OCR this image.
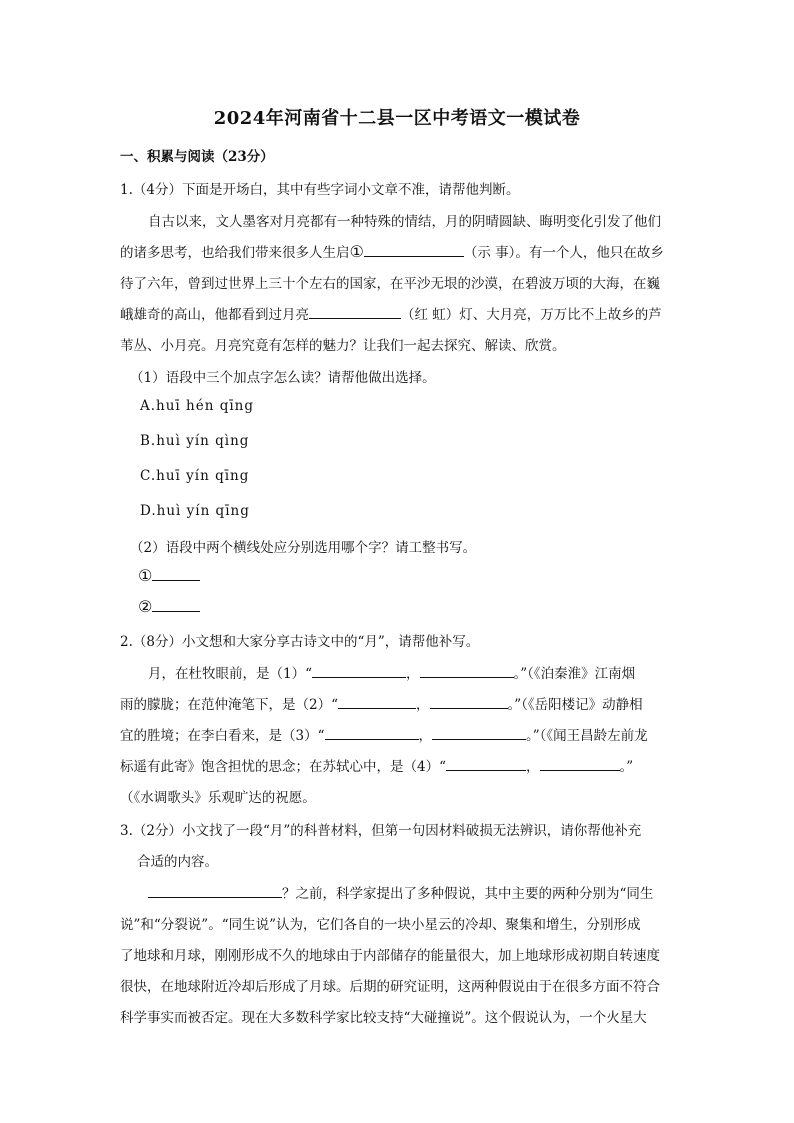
2024年河南省十二县一区中考语文一模试卷
一、积累与阅读（23分）
1.（4分）下面是开场白，其中有些字词小文章不准，请帮他判断。
自古以来，文人墨客对月亮都有一种特殊的情结，月的阴晴圆缺、晦明变化引发了他们
的诸多思考，也给我们带来很多人生启①	（示 事）。有一个人，他只在故乡
待了六年，曾到过世界上三十个左右的国家，在平沙无垠的沙漠，在碧波万顷的大海，在巍
峨雄奇的高山，他都看到过月亮	（红 虹）灯、大月亮，万万比不上故乡的芦
苇丛、小月亮。月亮究竟有怎样的魅力？让我们一起去探究、解读、欣赏。
（1）语段中三个加点字怎么读？请帮他做出选择。
A.huī hén qīng
B.huì yín qìng
C.huī yín qīng
D.huì yín qīng
（2）语段中两个横线处应分别选用哪个字？请工整书写。
①
②
2.（8分）小文想和大家分享古诗文中的“月”，请帮他补写。
月，在杜牧眼前，是（1）“	，	。”（《泊秦淮》江南烟
雨的朦胧；在范仲淹笔下，是（2）“	，	。”（《岳阳楼记》动静相
宜的胜境；在李白看来，是（3）“	，	。”（《闻王昌龄左前龙
标遥有此寄》饱含担忧的思念；在苏轼心中，是（4）“	，	。”
（《水调歌头》乐观旷达的祝愿。
3.（2分）小文找了一段“月”的科普材料，但第一句因材料破损无法辨识，请你帮他补充
合适的内容。
？之前，科学家提出了多种假说，其中主要的两种分别为“同生
说”和“分裂说”。“同生说”认为，它们各自的一块小星云的冷却、聚集和增生，分别形成
了地球和月球，刚刚形成不久的地球由于内部储存的能量很大，加上地球形成初期自转速度
很快，在地球附近冷却后形成了月球。后期的研究证明，这两种假说由于在很多方面不符合
科学事实而被否定。现在大多数科学家比较支持“大碰撞说”。这个假说认为，一个火星大
